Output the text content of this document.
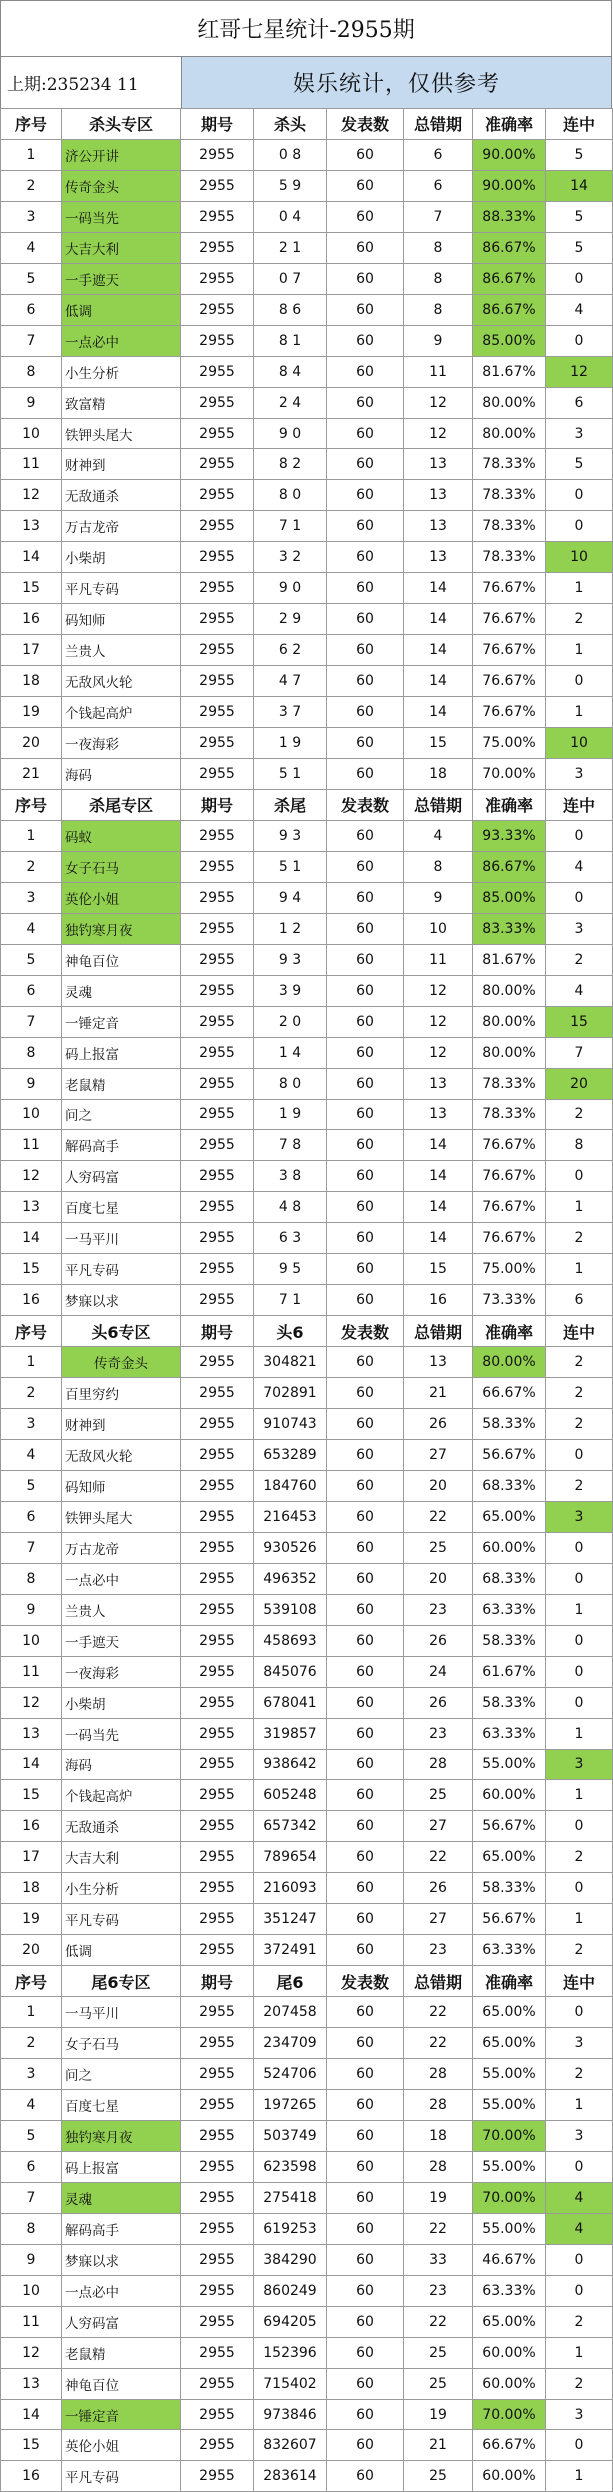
红哥七星统计-2955期
上期:235234 11	娱乐统计，仅供参考
序号	杀头专区	期号	杀头	发表数	总错期	准确率	连中
1	济公开讲	2955	0 8	60	6	90.00%	5
2	传奇金头	2955	5 9	60	6	90.00%	14
3	一码当先	2955	0 4	60	7	88.33%	5
4	大吉大利	2955	2 1	60	8	86.67%	5
5	一手遮天	2955	0 7	60	8	86.67%	0
6	低调	2955	8 6	60	8	86.67%	4
7	一点必中	2955	8 1	60	9	85.00%	0
8	小生分析	2955	8 4	60	11	81.67%	12
9	致富精	2955	2 4	60	12	80.00%	6
10	铁钾头尾大	2955	9 0	60	12	80.00%	3
11	财神到	2955	8 2	60	13	78.33%	5
12	无敌通杀	2955	8 0	60	13	78.33%	0
13	万古龙帝	2955	7 1	60	13	78.33%	0
14	小柴胡	2955	3 2	60	13	78.33%	10
15	平凡专码	2955	9 0	60	14	76.67%	1
16	码知师	2955	2 9	60	14	76.67%	2
17	兰贵人	2955	6 2	60	14	76.67%	1
18	无敌风火轮	2955	4 7	60	14	76.67%	0
19	个钱起高炉	2955	3 7	60	14	76.67%	1
20	一夜海彩	2955	1 9	60	15	75.00%	10
21	海码	2955	5 1	60	18	70.00%	3
序号	杀尾专区	期号	杀尾	发表数	总错期	准确率	连中
1	码蚁	2955	9 3	60	4	93.33%	0
2	女子石马	2955	5 1	60	8	86.67%	4
3	英伦小姐	2955	9 4	60	9	85.00%	0
4	独钓寒月夜	2955	1 2	60	10	83.33%	3
5	神龟百位	2955	9 3	60	11	81.67%	2
6	灵魂	2955	3 9	60	12	80.00%	4
7	一锤定音	2955	2 0	60	12	80.00%	15
8	码上报富	2955	1 4	60	12	80.00%	7
9	老鼠精	2955	8 0	60	13	78.33%	20
10	问之	2955	1 9	60	13	78.33%	2
11	解码高手	2955	7 8	60	14	76.67%	8
12	人穷码富	2955	3 8	60	14	76.67%	0
13	百度七星	2955	4 8	60	14	76.67%	1
14	一马平川	2955	6 3	60	14	76.67%	2
15	平凡专码	2955	9 5	60	15	75.00%	1
16	梦寐以求	2955	7 1	60	16	73.33%	6
序号	头6专区	期号	头6	发表数	总错期	准确率	连中
1	传奇金头	2955	304821	60	13	80.00%	2
2	百里穷约	2955	702891	60	21	66.67%	2
3	财神到	2955	910743	60	26	58.33%	2
4	无敌风火轮	2955	653289	60	27	56.67%	0
5	码知师	2955	184760	60	20	68.33%	2
6	铁钾头尾大	2955	216453	60	22	65.00%	3
7	万古龙帝	2955	930526	60	25	60.00%	0
8	一点必中	2955	496352	60	20	68.33%	0
9	兰贵人	2955	539108	60	23	63.33%	1
10	一手遮天	2955	458693	60	26	58.33%	0
11	一夜海彩	2955	845076	60	24	61.67%	0
12	小柴胡	2955	678041	60	26	58.33%	0
13	一码当先	2955	319857	60	23	63.33%	1
14	海码	2955	938642	60	28	55.00%	3
15	个钱起高炉	2955	605248	60	25	60.00%	1
16	无敌通杀	2955	657342	60	27	56.67%	0
17	大吉大利	2955	789654	60	22	65.00%	2
18	小生分析	2955	216093	60	26	58.33%	0
19	平凡专码	2955	351247	60	27	56.67%	1
20	低调	2955	372491	60	23	63.33%	2
序号	尾6专区	期号	尾6	发表数	总错期	准确率	连中
1	一马平川	2955	207458	60	22	65.00%	0
2	女子石马	2955	234709	60	22	65.00%	3
3	问之	2955	524706	60	28	55.00%	2
4	百度七星	2955	197265	60	28	55.00%	1
5	独钓寒月夜	2955	503749	60	18	70.00%	3
6	码上报富	2955	623598	60	28	55.00%	0
7	灵魂	2955	275418	60	19	70.00%	4
8	解码高手	2955	619253	60	22	55.00%	4
9	梦寐以求	2955	384290	60	33	46.67%	0
10	一点必中	2955	860249	60	23	63.33%	0
11	人穷码富	2955	694205	60	22	65.00%	2
12	老鼠精	2955	152396	60	25	60.00%	1
13	神龟百位	2955	715402	60	25	60.00%	2
14	一锤定音	2955	973846	60	19	70.00%	3
15	英伦小姐	2955	832607	60	21	66.67%	0
16	平凡专码	2955	283614	60	25	60.00%	1
